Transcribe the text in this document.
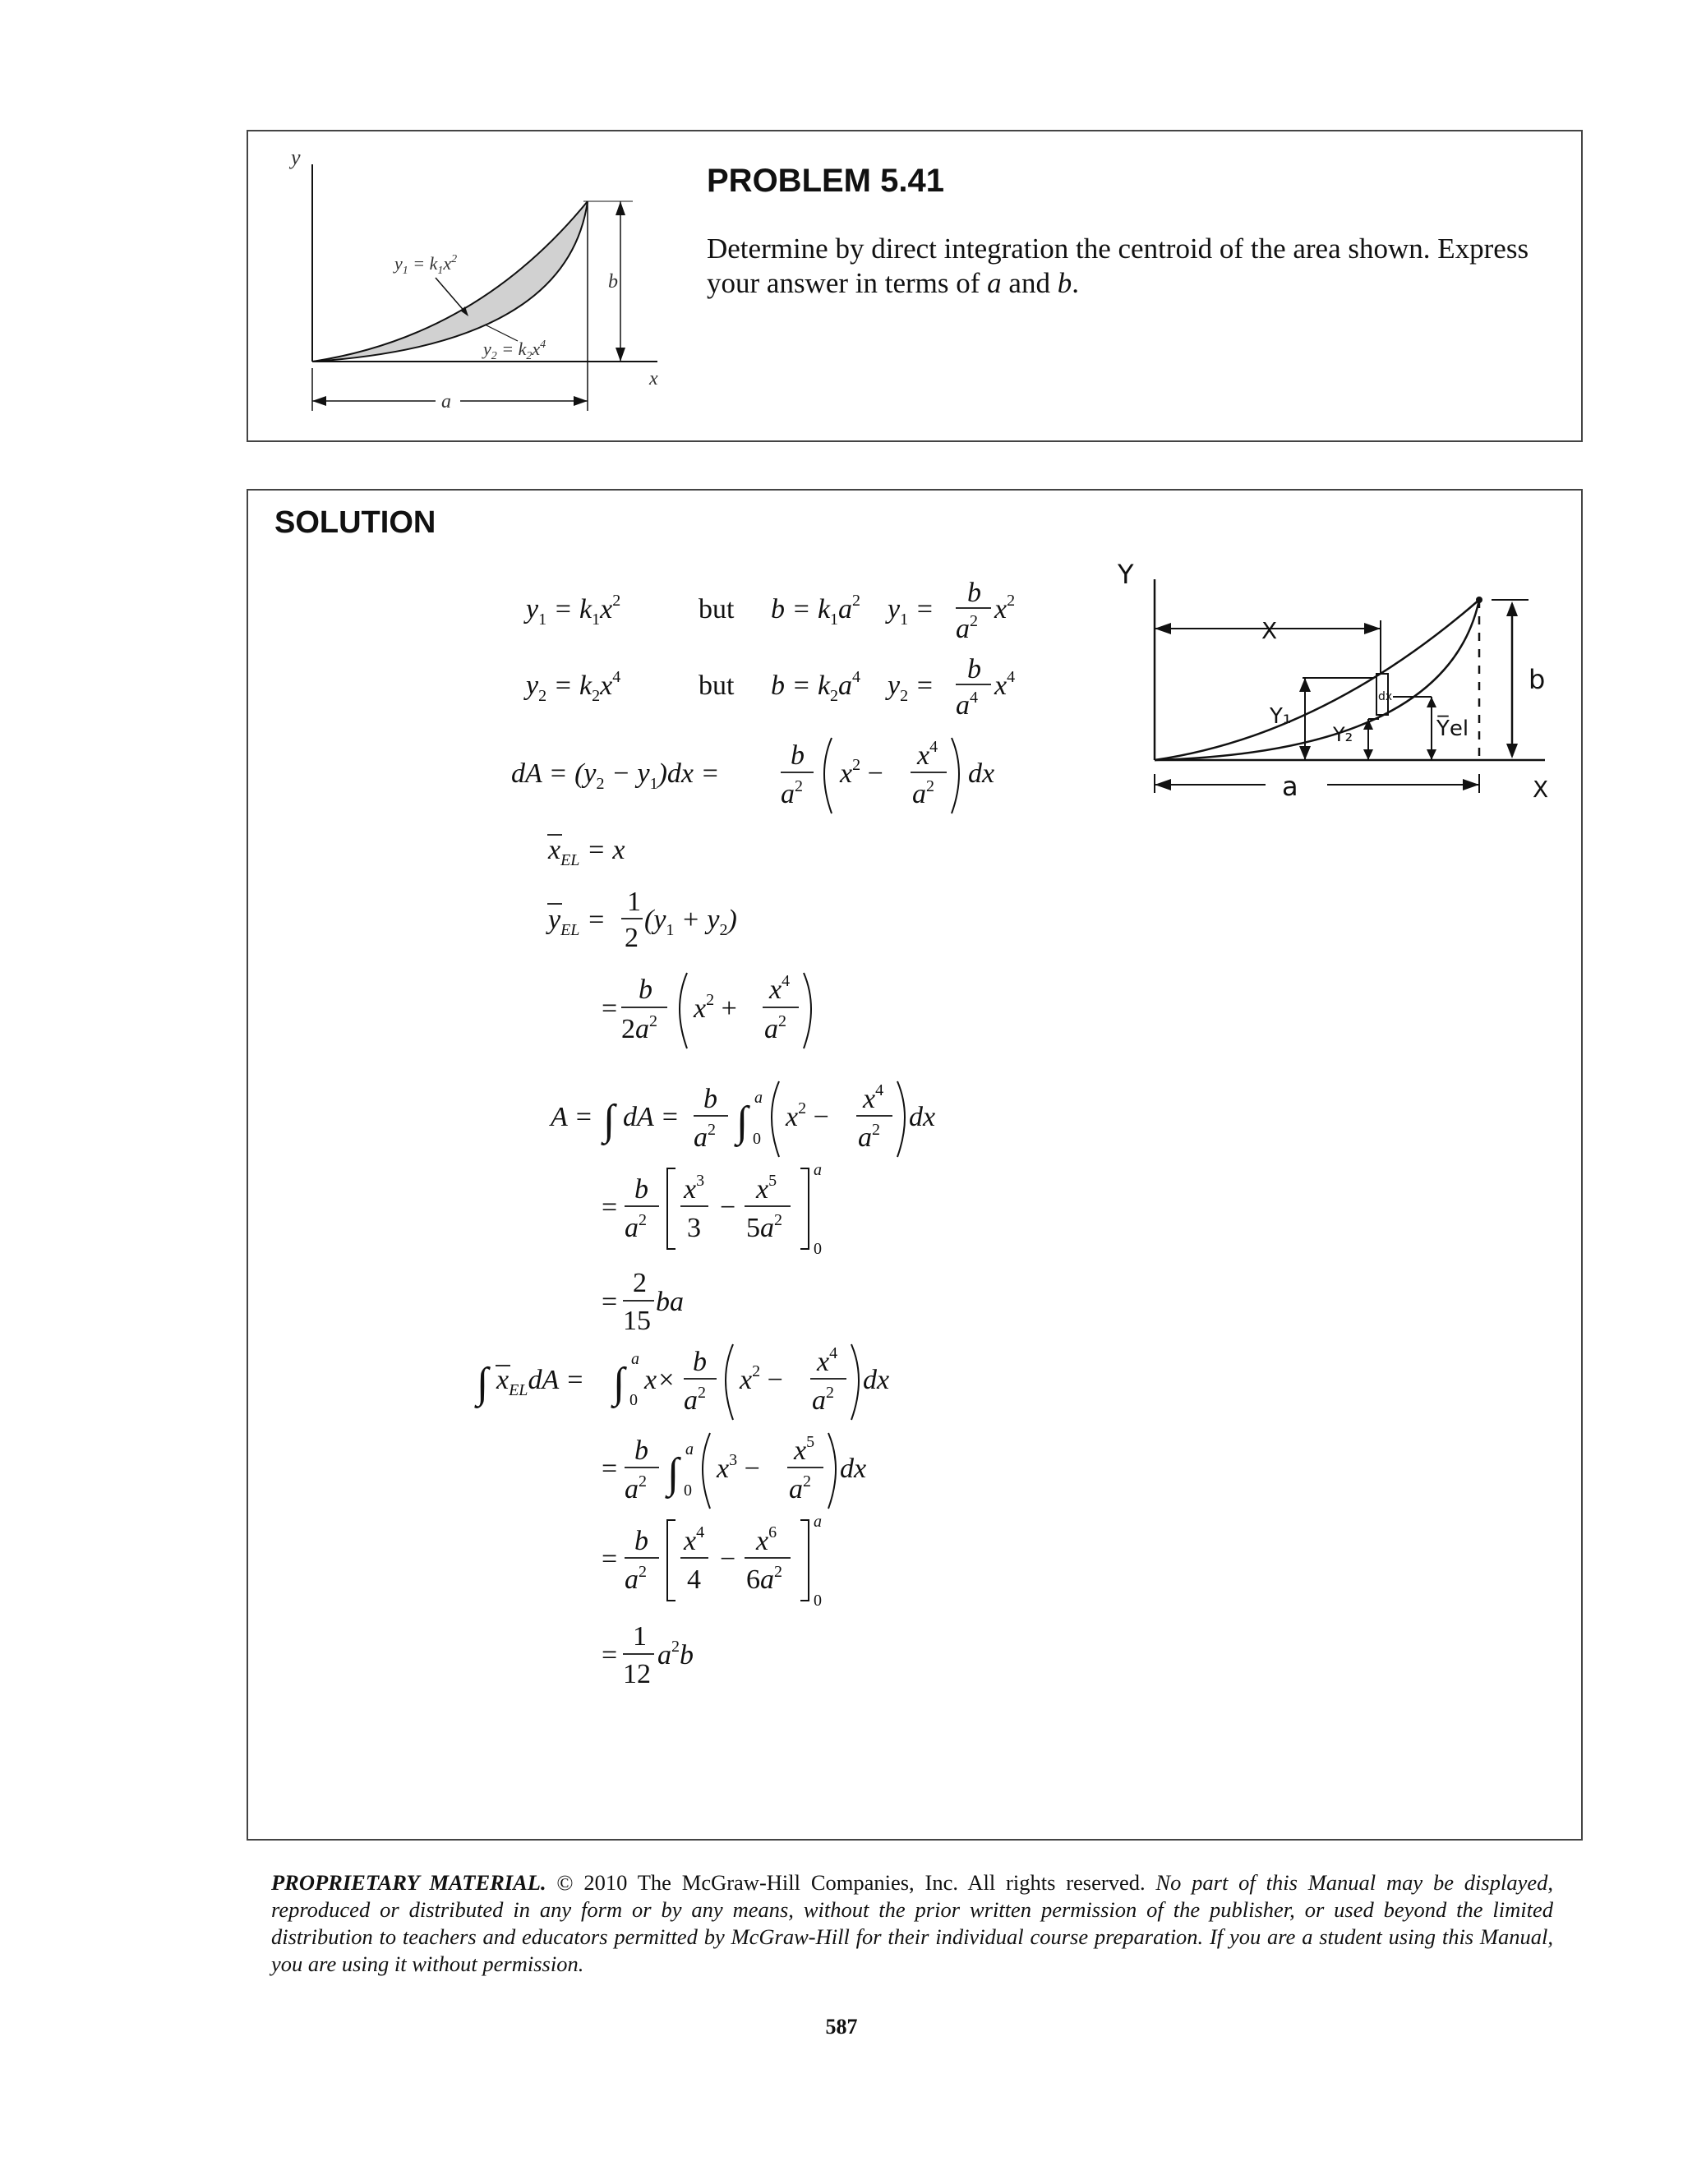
y
x
b
a
$y_1 = k_1x^2$
$y_2 = k_2x^4$
PROBLEM 5.41
Determine by direct integration the centroid of the area shown. Express your answer in terms of a and b.
SOLUTION
$y_1 = k_1x^2$	but $b = k_1a^2$ $y_1$ =
b
$a^2$ $x^2$
$y_2 = k_2x^4$	but $b = k_2a^4$ $y_2$ =
b
$a^4$ $x^4$
dA = $(y_2 - y_1)dx$ =
b
$a^2$ $x^2$ −
$x^4$
$a^2$ dx
$x_{EL} = x$
$y_{EL}$ =
1
2
$(y_1 + y_2)$
=
b
$2a^2$ $x^2$ +
$x^4$
$a^2$
A = ∫ dA =
b
$a^2$ ∫
a
0
$x^2$ −
$x^4$
$a^2$ dx
=
b
$a^2$
$x^3$
3
−
$x^5$
$5a^2$
a
0
=
2
15
ba
∫ $x_{EL}dA$ = ∫
a
0
x×
b
$a^2$ $x^2$ −
$x^4$
$a^2$ dx
=
b
$a^2$ ∫
a
0
$x^3$ −
$x^5$
$a^2$ dx
=
b
$a^2$
$x^4$
4
−
$x^6$
$6a^2$
a
0
=
1
12
$a^2b$
Y
X
X
a
b
Y₁
Y₂	Y̅el
dx
PROPRIETARY MATERIAL. © 2010 The McGraw-Hill Companies, Inc. All rights reserved. No part of this Manual may be displayed, reproduced or distributed in any form or by any means, without the prior written permission of the publisher, or used beyond the limited distribution to teachers and educators permitted by McGraw-Hill for their individual course preparation. If you are a student using this Manual, you are using it without permission.
587
